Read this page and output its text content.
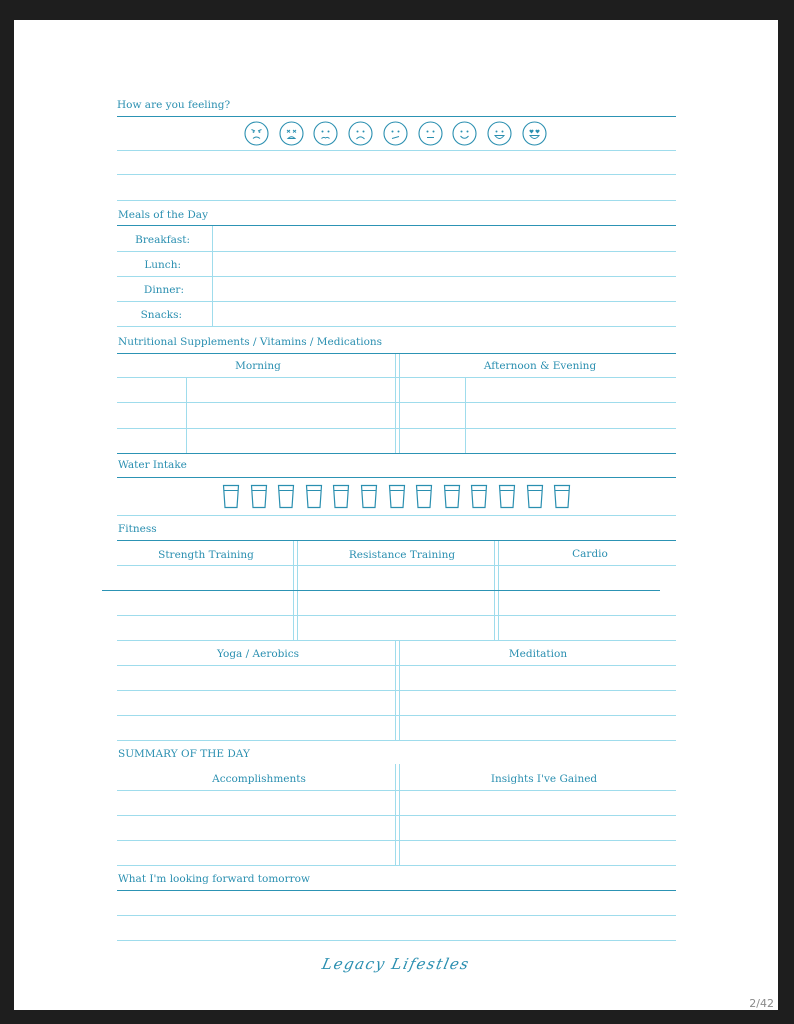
How are you feeling?
Meals of the Day
Breakfast:
Lunch:
Dinner:
Snacks:
Nutritional Supplements / Vitamins / Medications
Morning	Afternoon & Evening
Water Intake
Fitness
Strength Training	Resistance Training	Cardio
Yoga / Aerobics	Meditation
SUMMARY OF THE DAY
Accomplishments	Insights I've Gained
What I'm looking forward tomorrow
Legacy Lifestles
2/42
